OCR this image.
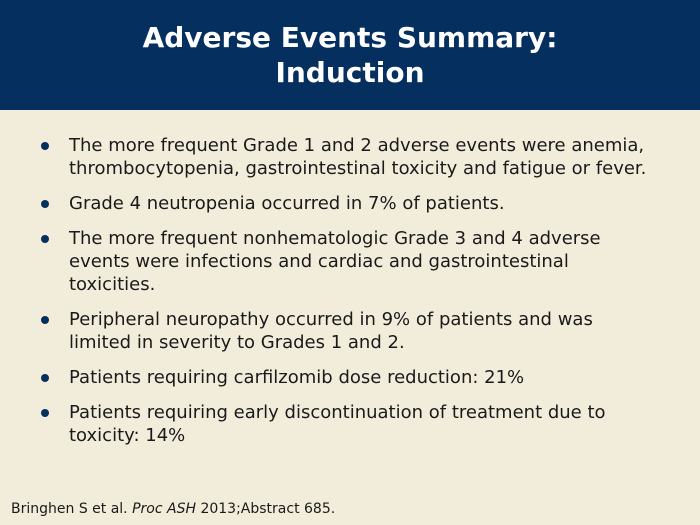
Adverse Events Summary: Induction
The more frequent Grade 1 and 2 adverse events were anemia, thrombocytopenia, gastrointestinal toxicity and fatigue or fever.
Grade 4 neutropenia occurred in 7% of patients.
The more frequent nonhematologic Grade 3 and 4 adverse events were infections and cardiac and gastrointestinal toxicities.
Peripheral neuropathy occurred in 9% of patients and was limited in severity to Grades 1 and 2.
Patients requiring carfilzomib dose reduction: 21%
Patients requiring early discontinuation of treatment due to toxicity: 14%
Bringhen S et al. Proc ASH 2013;Abstract 685.
